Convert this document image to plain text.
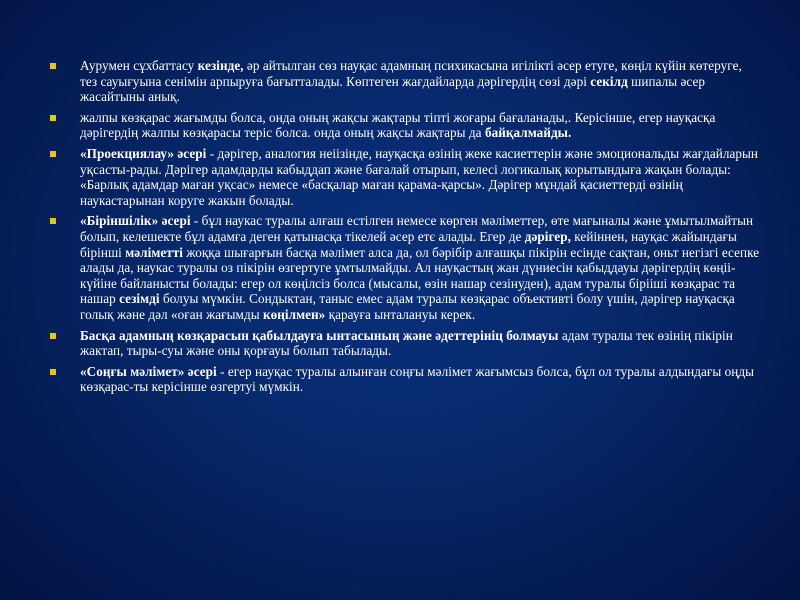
Аурумен сұхбаттасу кезінде, әр айтылган сөз науқас адамның психикасына игілікті әсер етуге, көңіл күйін көтеруге, тез сауығуына сенімін арпыруға бағытталады. Көптеген жағдайларда дәрігердің сөзі дәрі секілд шипалы әсер жасайтыны анық.
жалпы көзқарас жағымды болса, онда оның жақсы жақтары тіпті жоғары бағаланады,. Керісінше, егер науқасқа дәрігердің жалпы көзқарасы теріс болса. онда оның жақсы жақтары да байқалмайды.
«Проекциялау» әсері - дәрігер, аналогия неіізінде, науқасқа өзінің жеке касиеттерін және эмоциональды жағдайларын уқсасты-рады. Дәрігер адамдарды кабыддап және бағалай отырып, келесі логикалық корытындыға жақын болады: «Барлық адамдар маған уқсас» немесе «басқалар маған қарама-қарсы». Дәрігер мұндай қасиеттерді өзінің наукастарынан коруге жакын болады.
«Біріншілік» әсері - бұл наукас туралы алғаш естілген немесе көрген мәліметтер, өте мағыналы және ұмытылмайтын болып, келешекте бұл адамға деген қатынасқа тікелей әсер етє алады. Егер де дәрігер, кейіннен, науқас жайындағы бірінші мәліметті жоққа шығарғын басқа мәлімет алса да, ол бәрібір алғашқы пікірін есінде сақтан, оньт негізгі есепке алады да, наукас туралы оз пікірін өзгертуге ұмтылмайды. Ал науқастың жан дүниесін қабыддауы дәрігердің көңіі-күйіне байланысты болады: егер ол көңілсіз болса (мысалы, өзін нашар сезінуден), адам туралы біріішi көзқарас та нашар сезімді болуы мүмкін. Сондыктан, таныс емес адам туралы көзқарас объективті болу үшін, дәрігер науқасқа голық және дәл «оған жағымды көңілмен» қарауға ынталануы керек.
Басқа адамның көзқарасын қабылдауға ынтасының және әдеттерініц болмауы адам туралы тек өзінің пікірін жактап, тыры-суы және оны қорғауы болып табылады.
«Соңғы мәлімет» әсері - егер науқас туралы алынған соңғы мәлімет жағымсыз болса, бұл ол туралы алдындағы оңды көзқарас-ты керісінше өзгертуі мүмкін.
